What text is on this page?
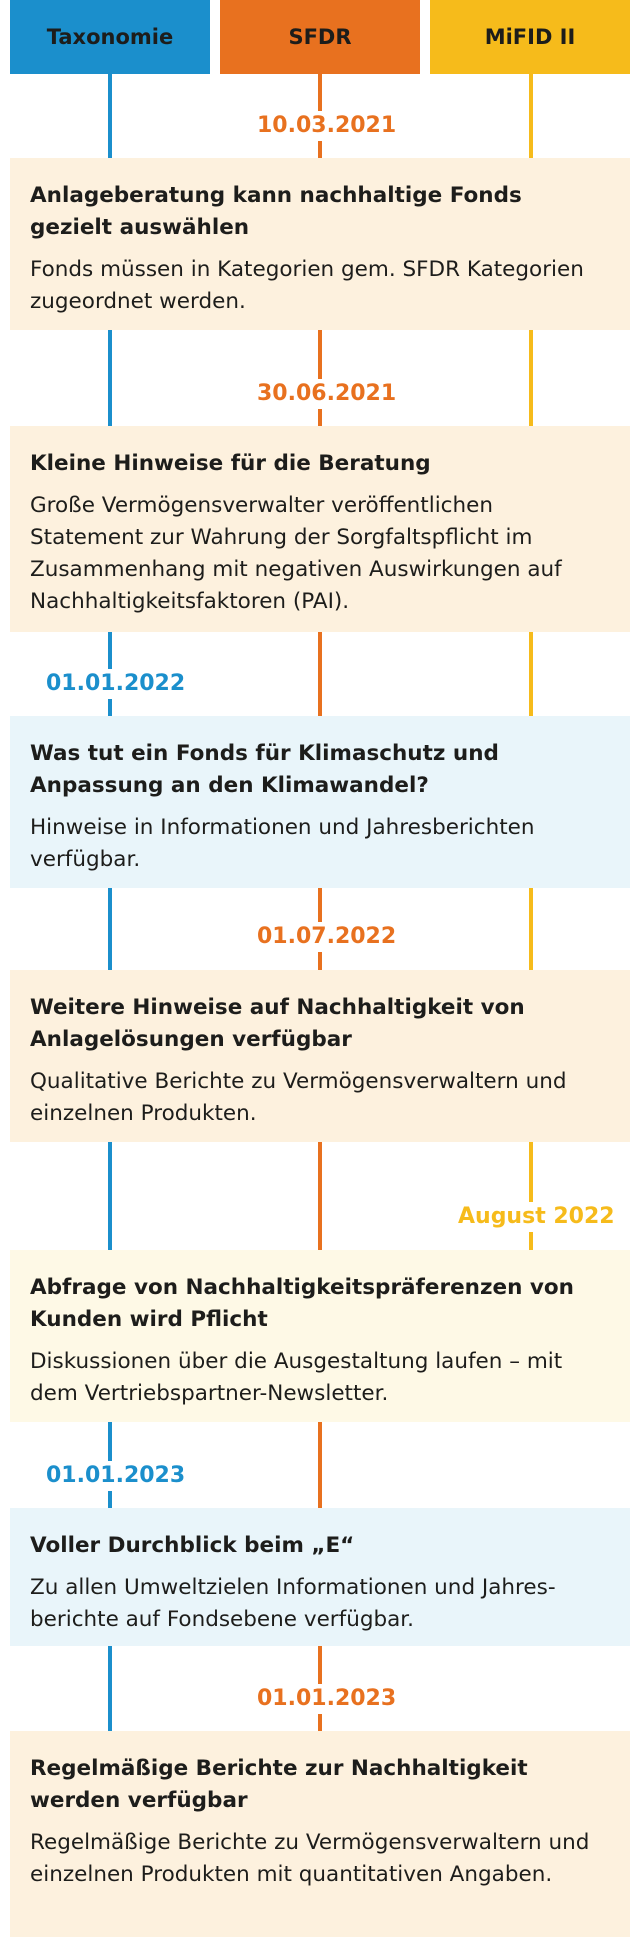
Taxonomie	SFDR	MiFID II
10.03.2021

Anlageberatung kann nachhaltige Fonds gezielt auswählen

Fonds müssen in Kategorien gem. SFDR Kategorien zugeordnet werden.

30.06.2021

Kleine Hinweise für die Beratung

Große Vermögensverwalter veröffentlichen Statement zur Wahrung der Sorgfaltspflicht im Zusammenhang mit negativen Auswirkungen auf Nachhaltigkeitsfaktoren (PAI).

01.01.2022

Was tut ein Fonds für Klimaschutz und Anpassung an den Klimawandel?

Hinweise in Informationen und Jahresberichten verfügbar.

01.07.2022

Weitere Hinweise auf Nachhaltigkeit von Anlagelösungen verfügbar

Qualitative Berichte zu Vermögensverwaltern und einzelnen Produkten.

August 2022

Abfrage von Nachhaltigkeitspräferenzen von Kunden wird Pflicht

Diskussionen über die Ausgestaltung laufen – mit dem Vertriebspartner-Newsletter.

01.01.2023

Voller Durchblick beim „E“

Zu allen Umweltzielen Informationen und Jahres-berichte auf Fondsebene verfügbar.

01.01.2023

Regelmäßige Berichte zur Nachhaltigkeit werden verfügbar

Regelmäßige Berichte zu Vermögensverwaltern und einzelnen Produkten mit quantitativen Angaben.
